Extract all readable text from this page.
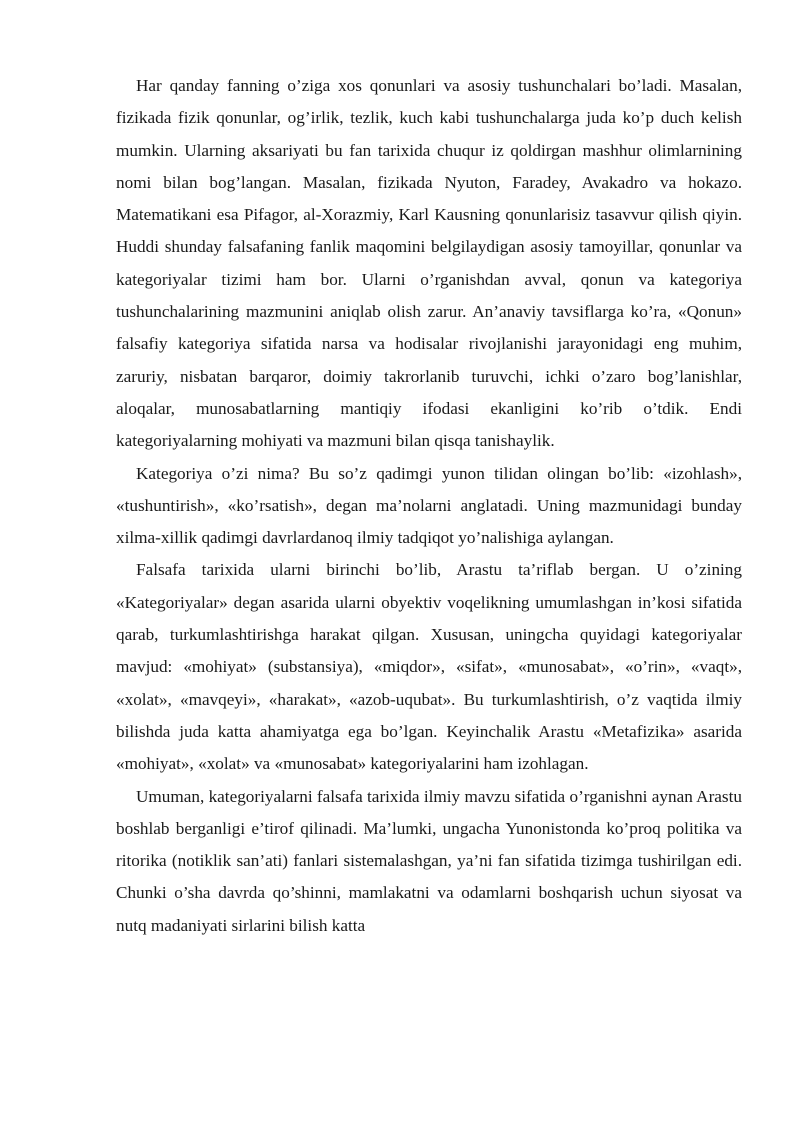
Har qanday fanning o’ziga xos qonunlari va asosiy tushunchalari bo’ladi. Masalan, fizikada fizik qonunlar, og’irlik, tezlik, kuch kabi tushunchalarga juda ko’p duch kelish mumkin. Ularning aksariyati bu fan tarixida chuqur iz qoldirgan mashhur olimlarnining nomi bilan bog’langan. Masalan, fizikada Nyuton, Faradey, Avakadro va hokazo. Matematikani esa Pifagor, al-Xorazmiy, Karl Kausning qonunlarisiz tasavvur qilish qiyin. Huddi shunday falsafaning fanlik maqomini belgilaydigan asosiy tamoyillar, qonunlar va kategoriyalar tizimi ham bor. Ularni o’rganishdan avval, qonun va kategoriya tushunchalarining mazmunini aniqlab olish zarur. An’anaviy tavsiflarga ko’ra, «Qonun» falsafiy kategoriya sifatida narsa va hodisalar rivojlanishi jarayonidagi eng muhim, zaruriy, nisbatan barqaror, doimiy takrorlanib turuvchi, ichki o’zaro bog’lanishlar, aloqalar, munosabatlarning mantiqiy ifodasi ekanligini ko’rib o’tdik. Endi kategoriyalarning mohiyati va mazmuni bilan qisqa tanishaylik.

Kategoriya o’zi nima? Bu so’z qadimgi yunon tilidan olingan bo’lib: «izohlash», «tushuntirish», «ko’rsatish», degan ma’nolarni anglatadi. Uning mazmunidagi bunday xilma-xillik qadimgi davrlardanoq ilmiy tadqiqot yo’nalishiga aylangan.

Falsafa tarixida ularni birinchi bo’lib, Arastu ta’riflab bergan. U o’zining «Kategoriyalar» degan asarida ularni obyektiv voqelikning umumlashgan in’kosi sifatida qarab, turkumlashtirishga harakat qilgan. Xususan, uningcha quyidagi kategoriyalar mavjud: «mohiyat» (substansiya), «miqdor», «sifat», «munosabat», «o’rin», «vaqt», «xolat», «mavqeyi», «harakat», «azob-uqubat». Bu turkumlashtirish, o’z vaqtida ilmiy bilishda juda katta ahamiyatga ega bo’lgan. Keyinchalik Arastu «Metafizika» asarida «mohiyat», «xolat» va «munosabat» kategoriyalarini ham izohlagan.

Umuman, kategoriyalarni falsafa tarixida ilmiy mavzu sifatida o’rganishni aynan Arastu boshlab berganligi e’tirof qilinadi. Ma’lumki, ungacha Yunonistonda ko’proq politika va ritorika (notiklik san’ati) fanlari sistemalashgan, ya’ni fan sifatida tizimga tushirilgan edi. Chunki o’sha davrda qo’shinni, mamlakatni va odamlarni boshqarish uchun siyosat va nutq madaniyati sirlarini bilish katta
